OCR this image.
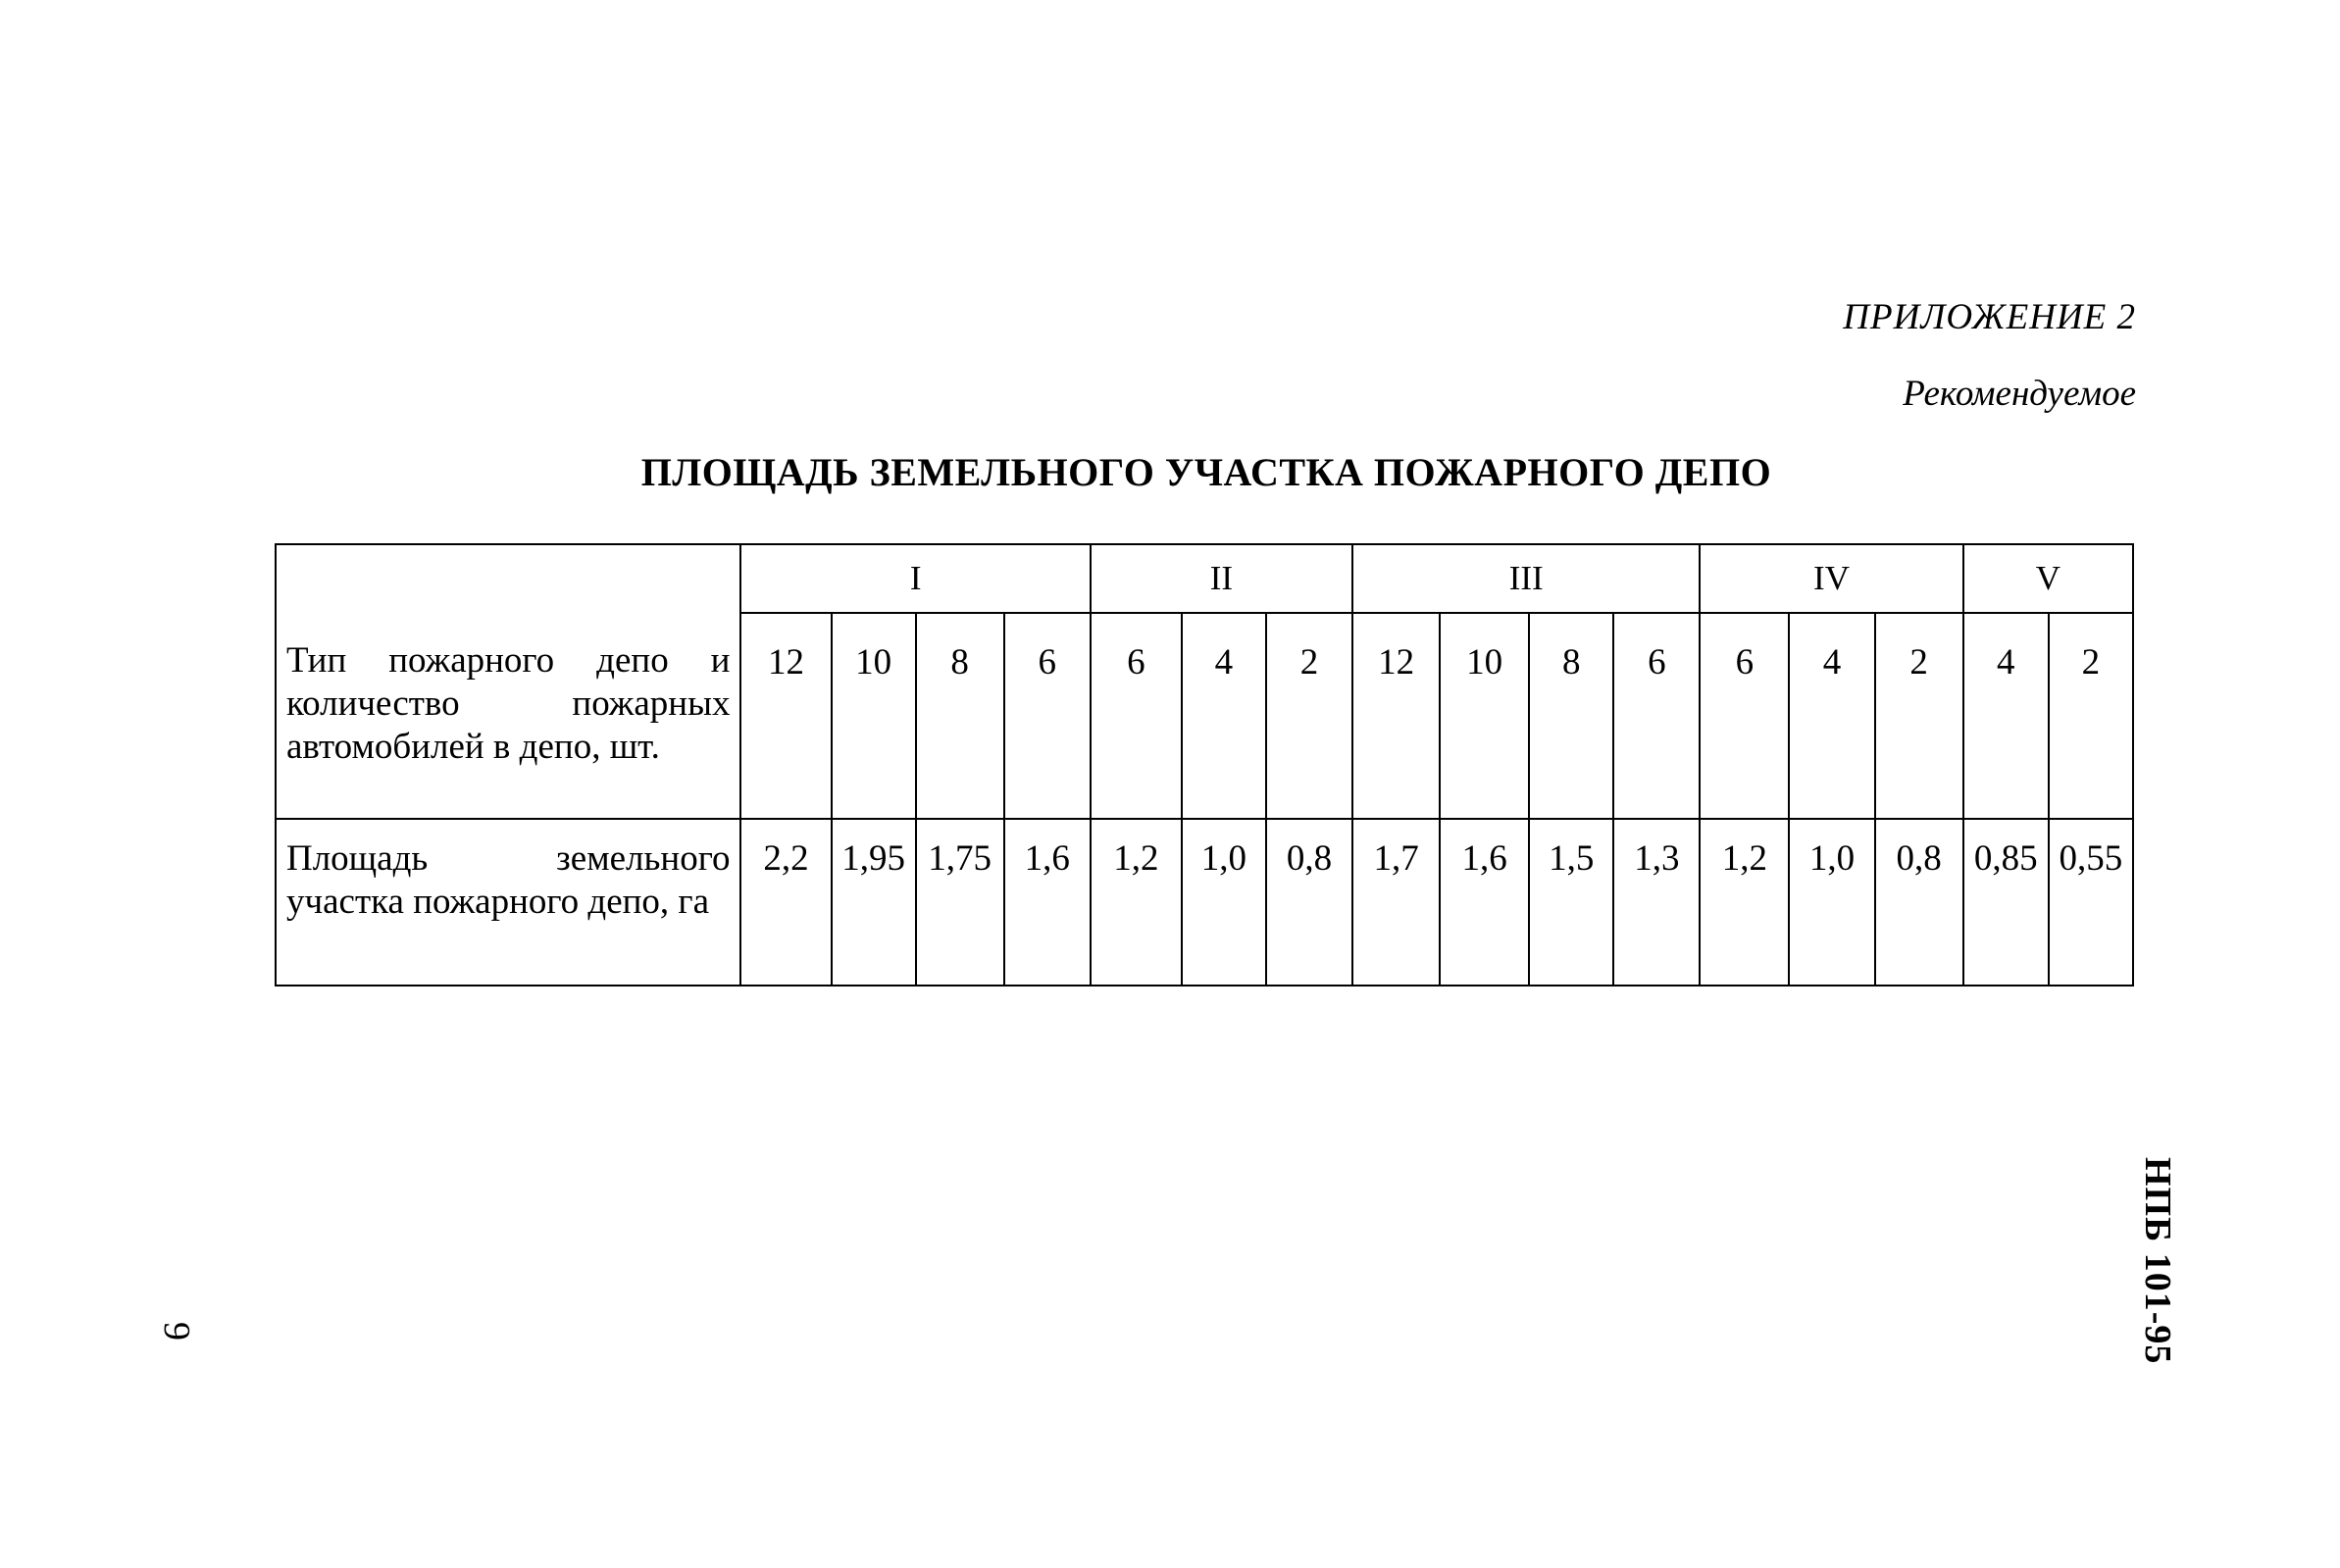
ПРИЛОЖЕНИЕ 2
Рекомендуемое
ПЛОЩАДЬ ЗЕМЕЛЬНОГО УЧАСТКА ПОЖАРНОГО ДЕПО
Тип пожарного депо и количество пожарных автомобилей в депо, шт.	I				II			III				IV			V	
	12	10	8	6	6	4	2	12	10	8	6	6	4	2	4	2
Площадь земельного участка пожарного депо, га	2,2	1,95	1,75	1,6	1,2	1,0	0,8	1,7	1,6	1,5	1,3	1,2	1,0	0,8	0,85	0,55
НПБ 101-95
9
